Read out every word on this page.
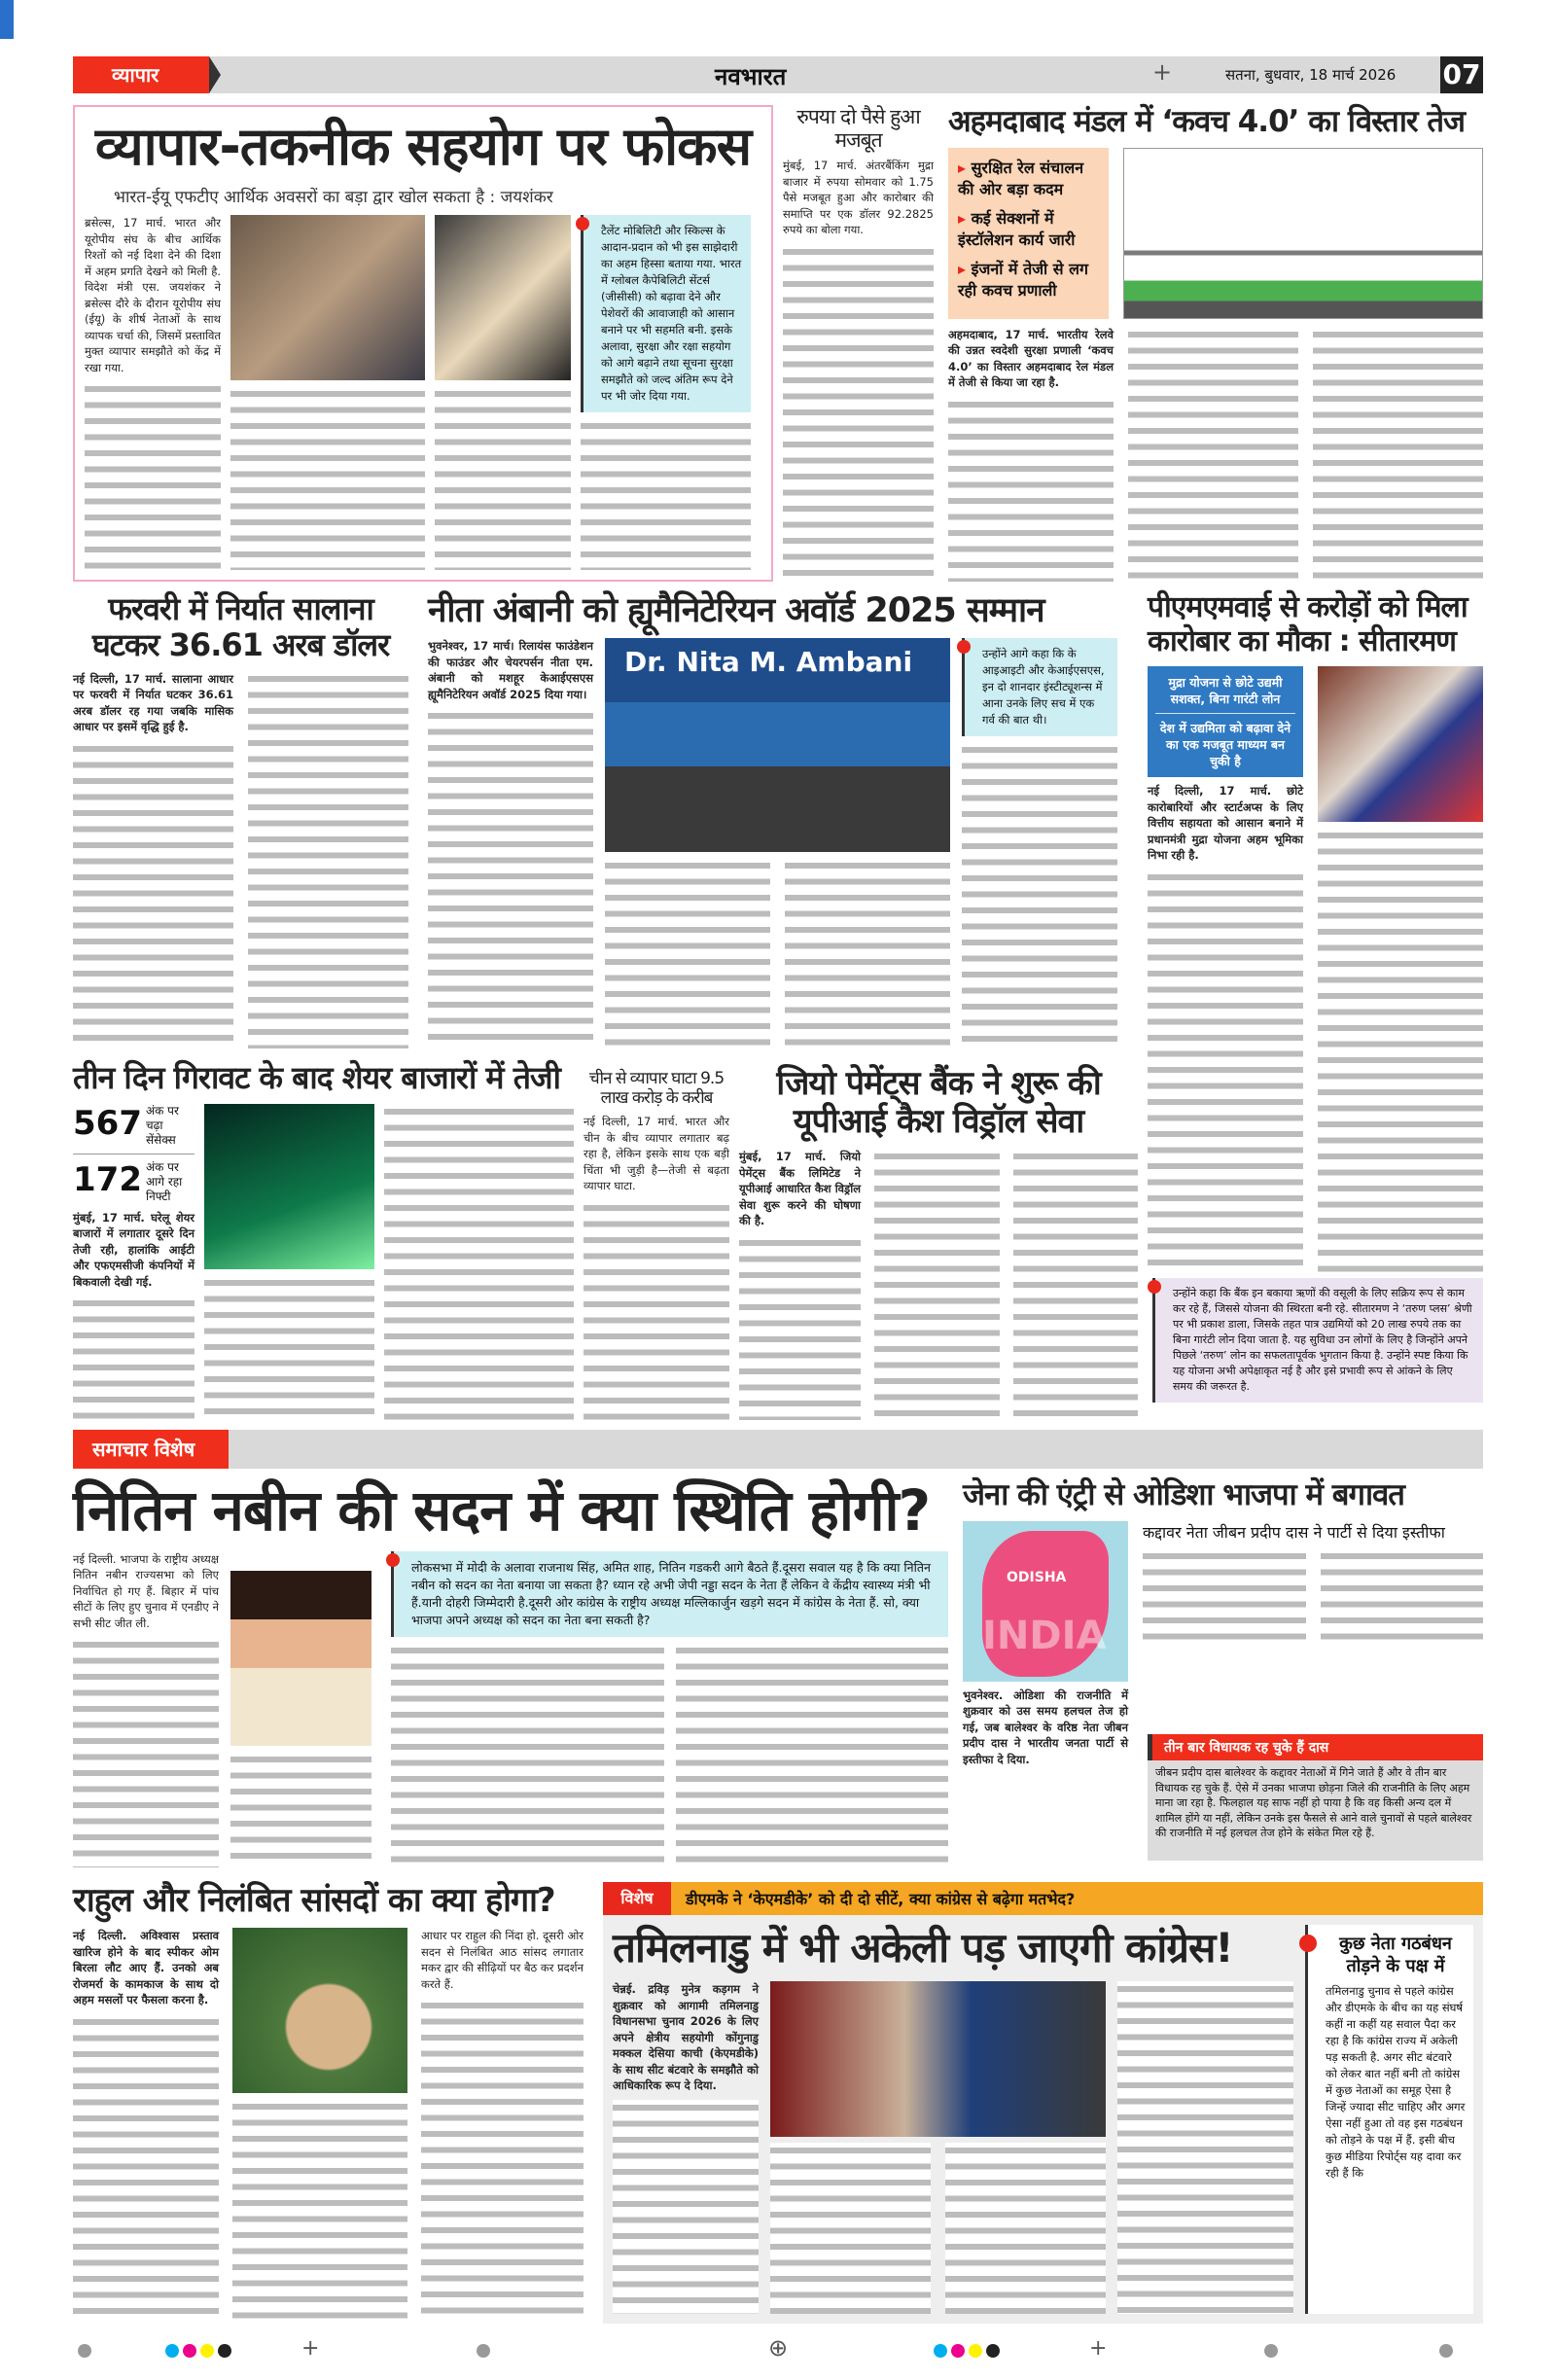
व्यापार	नवभारत	+	सतना, बुधवार, 18 मार्च 2026 07
व्यापार-तकनीक सहयोग पर फोकस
भारत-ईयू एफटीए आर्थिक अवसरों का बड़ा द्वार खोल सकता है : जयशंकर
ब्रसेल्स, 17 मार्च. भारत और यूरोपीय संघ के बीच आर्थिक रिश्तों को नई दिशा देने की दिशा में अहम प्रगति देखने को मिली है. विदेश मंत्री एस. जयशंकर ने ब्रसेल्स दौरे के दौरान यूरोपीय संघ (ईयू) के शीर्ष नेताओं के साथ व्यापक चर्चा की, जिसमें प्रस्तावित मुक्त व्यापार समझौते को केंद्र में रखा गया.
टैलेंट मोबिलिटी और स्किल्स के आदान-प्रदान को भी इस साझेदारी का अहम हिस्सा बताया गया. भारत में ग्लोबल कैपेबिलिटी सेंटर्स (जीसीसी) को बढ़ावा देने और पेशेवरों की आवाजाही को आसान बनाने पर भी सहमति बनी. इसके अलावा, सुरक्षा और रक्षा सहयोग को आगे बढ़ाने तथा सूचना सुरक्षा समझौते को जल्द अंतिम रूप देने पर भी जोर दिया गया.
रुपया दो पैसे हुआ मजबूत
मुंबई, 17 मार्च. अंतरबैंकिंग मुद्रा बाजार में रुपया सोमवार को 1.75 पैसे मजबूत हुआ और कारोबार की समाप्ति पर एक डॉलर 92.2825 रुपये का बोला गया.
अहमदाबाद मंडल में ‘कवच 4.0’ का विस्तार तेज
▸ सुरक्षित रेल संचालन की ओर बड़ा कदम
▸ कई सेक्शनों में इंस्टॉलेशन कार्य जारी
▸ इंजनों में तेजी से लग रही कवच प्रणाली
अहमदाबाद, 17 मार्च. भारतीय रेलवे की उन्नत स्वदेशी सुरक्षा प्रणाली ‘कवच 4.0’ का विस्तार अहमदाबाद रेल मंडल में तेजी से किया जा रहा है.
फरवरी में निर्यात सालाना घटकर 36.61 अरब डॉलर
नई दिल्ली, 17 मार्च. सालाना आधार पर फरवरी में निर्यात घटकर 36.61 अरब डॉलर रह गया जबकि मासिक आधार पर इसमें वृद्धि हुई है.
नीता अंबानी को ह्यूमैनिटेरियन अवॉर्ड 2025 सम्मान
भुवनेश्वर, 17 मार्च। रिलायंस फाउंडेशन की फाउंडर और चेयरपर्सन नीता एम. अंबानी को मशहूर केआईएसएस ह्यूमैनिटेरियन अवॉर्ड 2025 दिया गया।
Dr. Nita M. Ambani	उन्होंने आगे कहा कि के आइआइटी और केआईएसएस, इन दो शानदार इंस्टीट्यूशन्स में आना उनके लिए सच में एक गर्व की बात थी।
पीएमएमवाई से करोड़ों को मिला कारोबार का मौका : सीतारमण
मुद्रा योजना से छोटे उद्यमी सशक्त, बिना गारंटी लोन
देश में उद्यमिता को बढ़ावा देने का एक मजबूत माध्यम बन चुकी है
नई दिल्ली, 17 मार्च. छोटे कारोबारियों और स्टार्टअप्स के लिए वित्तीय सहायता को आसान बनाने में प्रधानमंत्री मुद्रा योजना अहम भूमिका निभा रही है.
उन्होंने कहा कि बैंक इन बकाया ऋणों की वसूली के लिए सक्रिय रूप से काम कर रहे हैं, जिससे योजना की स्थिरता बनी रहे. सीतारमण ने ‘तरुण प्लस’ श्रेणी पर भी प्रकाश डाला, जिसके तहत पात्र उद्यमियों को 20 लाख रुपये तक का बिना गारंटी लोन दिया जाता है. यह सुविधा उन लोगों के लिए है जिन्होंने अपने पिछले ‘तरुण’ लोन का सफलतापूर्वक भुगतान किया है. उन्होंने स्पष्ट किया कि यह योजना अभी अपेक्षाकृत नई है और इसे प्रभावी रूप से आंकने के लिए समय की जरूरत है.
तीन दिन गिरावट के बाद शेयर बाजारों में तेजी
567 अंक पर चढ़ा सेंसेक्स
172 अंक पर आगे रहा निफ्टी
मुंबई, 17 मार्च. घरेलू शेयर बाजारों में लगातार दूसरे दिन तेजी रही, हालांकि आईटी और एफएमसीजी कंपनियों में बिकवाली देखी गई.
चीन से व्यापार घाटा 9.5 लाख करोड़ के करीब
नई दिल्ली, 17 मार्च. भारत और चीन के बीच व्यापार लगातार बढ़ रहा है, लेकिन इसके साथ एक बड़ी चिंता भी जुड़ी है—तेजी से बढ़ता व्यापार घाटा.
जियो पेमेंट्स बैंक ने शुरू की यूपीआई कैश विड्रॉल सेवा
मुंबई, 17 मार्च. जियो पेमेंट्स बैंक लिमिटेड ने यूपीआई आधारित कैश विड्रॉल सेवा शुरू करने की घोषणा की है.
समाचार विशेष
नितिन नबीन की सदन में क्या स्थिति होगी?
नई दिल्ली. भाजपा के राष्ट्रीय अध्यक्ष नितिन नबीन राज्यसभा को लिए निर्वाचित हो गए हैं. बिहार में पांच सीटों के लिए हुए चुनाव में एनडीए ने सभी सीट जीत ली.
लोकसभा में मोदी के अलावा राजनाथ सिंह, अमित शाह, नितिन गडकरी आगे बैठते हैं.दूसरा सवाल यह है कि क्या नितिन नबीन को सदन का नेता बनाया जा सकता है? ध्यान रहे अभी जेपी नड्डा सदन के नेता हैं लेकिन वे केंद्रीय स्वास्थ्य मंत्री भी हैं.यानी दोहरी जिम्मेदारी है.दूसरी ओर कांग्रेस के राष्ट्रीय अध्यक्ष मल्लिकार्जुन खड़गे सदन में कांग्रेस के नेता हैं. सो, क्या भाजपा अपने अध्यक्ष को सदन का नेता बना सकती है?
जेना की एंट्री से ओडिशा भाजपा में बगावत
ODISHA
INDIA
भुवनेश्वर. ओडिशा की राजनीति में शुक्रवार को उस समय हलचल तेज हो गई, जब बालेश्वर के वरिष्ठ नेता जीबन प्रदीप दास ने भारतीय जनता पार्टी से इस्तीफा दे दिया.
कद्दावर नेता जीबन प्रदीप दास ने पार्टी से दिया इस्तीफा
तीन बार विधायक रह चुके हैं दास
जीबन प्रदीप दास बालेश्वर के कद्दावर नेताओं में गिने जाते हैं और वे तीन बार विधायक रह चुके हैं. ऐसे में उनका भाजपा छोड़ना जिले की राजनीति के लिए अहम माना जा रहा है. फिलहाल यह साफ नहीं हो पाया है कि वह किसी अन्य दल में शामिल होंगे या नहीं, लेकिन उनके इस फैसले से आने वाले चुनावों से पहले बालेश्वर की राजनीति में नई हलचल तेज होने के संकेत मिल रहे हैं.
राहुल और निलंबित सांसदों का क्या होगा?
नई दिल्ली. अविश्वास प्रस्ताव खारिज होने के बाद स्पीकर ओम बिरला लौट आए हैं. उनको अब रोजमर्रा के कामकाज के साथ दो अहम मसलों पर फैसला करना है.
आधार पर राहुल की निंदा हो. दूसरी ओर सदन से निलंबित आठ सांसद लगातार मकर द्वार की सीढ़ियों पर बैठ कर प्रदर्शन करते हैं.
विशेष	डीएमके ने ‘केएमडीके’ को दी दो सीटें, क्या कांग्रेस से बढ़ेगा मतभेद?
तमिलनाडु में भी अकेली पड़ जाएगी कांग्रेस!
चेन्नई. द्रविड़ मुनेत्र कड़गम ने शुक्रवार को आगामी तमिलनाडु विधानसभा चुनाव 2026 के लिए अपने क्षेत्रीय सहयोगी कोंगुनाडु मक्कल देसिया काची (केएमडीके) के साथ सीट बंटवारे के समझौते को आधिकारिक रूप दे दिया.
कुछ नेता गठबंधन तोड़ने के पक्ष में
तमिलनाडु चुनाव से पहले कांग्रेस और डीएमके के बीच का यह संघर्ष कहीं ना कहीं यह सवाल पैदा कर रहा है कि कांग्रेस राज्य में अकेली पड़ सकती है. अगर सीट बंटवारे को लेकर बात नहीं बनी तो कांग्रेस में कुछ नेताओं का समूह ऐसा है जिन्हें ज्यादा सीट चाहिए और अगर ऐसा नहीं हुआ तो वह इस गठबंधन को तोड़ने के पक्ष में हैं. इसी बीच कुछ मीडिया रिपोर्ट्स यह दावा कर रही हैं कि
+	⊕	+
